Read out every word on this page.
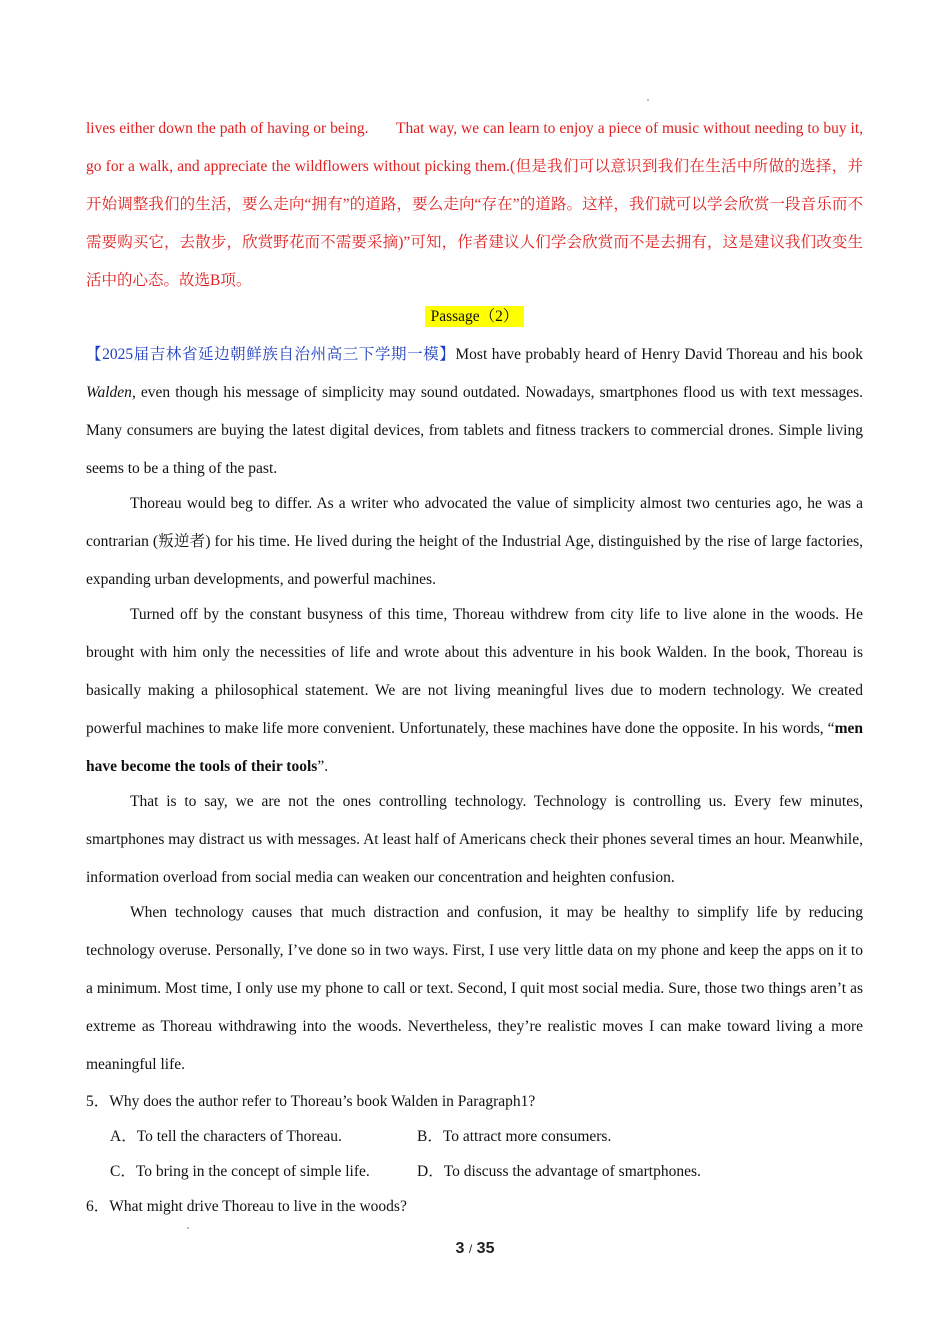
lives either down the path of having or being.       That way, we can learn to enjoy a piece of music without needing to buy it, go for a walk, and appreciate the wildflowers without picking them.(但是我们可以意识到我们在生活中所做的选择，并开始调整我们的生活，要么走向“拥有”的道路，要么走向“存在”的道路。这样，我们就可以学会欣赏一段音乐而不需要购买它，去散步，欣赏野花而不需要采摘)”可知，作者建议人们学会欣赏而不是去拥有，这是建议我们改变生活中的心态。故选B项。

Passage（2）

【2025届吉林省延边朝鲜族自治州高三下学期一模】Most have probably heard of Henry David Thoreau and his book Walden, even though his message of simplicity may sound outdated. Nowadays, smartphones flood us with text messages. Many consumers are buying the latest digital devices, from tablets and fitness trackers to commercial drones. Simple living seems to be a thing of the past.

Thoreau would beg to differ. As a writer who advocated the value of simplicity almost two centuries ago, he was a contrarian (叛逆者) for his time. He lived during the height of the Industrial Age, distinguished by the rise of large factories, expanding urban developments, and powerful machines.

Turned off by the constant busyness of this time, Thoreau withdrew from city life to live alone in the woods. He brought with him only the necessities of life and wrote about this adventure in his book Walden. In the book, Thoreau is basically making a philosophical statement. We are not living meaningful lives due to modern technology. We created powerful machines to make life more convenient. Unfortunately, these machines have done the opposite. In his words, “men have become the tools of their tools”.

That is to say, we are not the ones controlling technology. Technology is controlling us. Every few minutes, smartphones may distract us with messages. At least half of Americans check their phones several times an hour. Meanwhile, information overload from social media can weaken our concentration and heighten confusion.

When technology causes that much distraction and confusion, it may be healthy to simplify life by reducing technology overuse. Personally, I’ve done so in two ways. First, I use very little data on my phone and keep the apps on it to a minimum. Most time, I only use my phone to call or text. Second, I quit most social media. Sure, those two things aren’t as extreme as Thoreau withdrawing into the woods. Nevertheless, they’re realistic moves I can make toward living a more meaningful life.

5．Why does the author refer to Thoreau’s book Walden in Paragraph1?

A．To tell the characters of Thoreau.	B．To attract more consumers.
C．To bring in the concept of simple life.	D．To discuss the advantage of smartphones.

6．What might drive Thoreau to live in the woods?

3 / 35
